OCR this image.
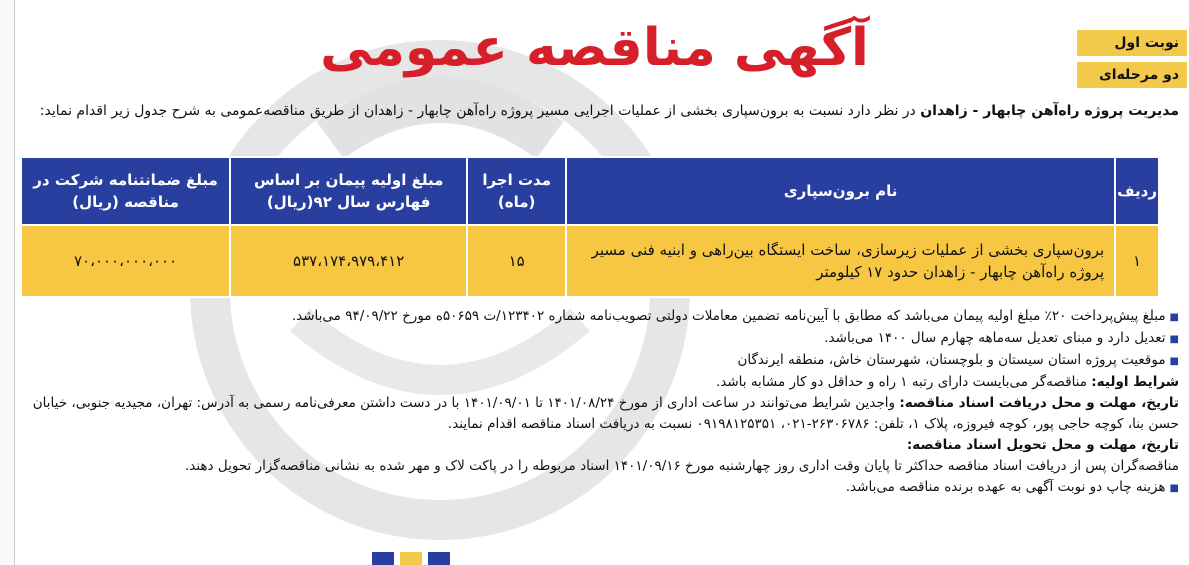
نوبت اول
دو مرحله‌ای
آگهی مناقصه عمومی
مدیریت پروژه راه‌آهن چابهار - زاهدان در نظر دارد نسبت به برون‌سپاری بخشی از عملیات اجرایی مسیر پروژه راه‌آهن چابهار - زاهدان از طریق مناقصه‌عمومی به شرح جدول زیر اقدام نماید:
ردیف	نام برون‌سپاری	مدت اجرا (ماه)	مبلغ اولیه پیمان بر اساس فهارس سال ۹۲(ریال)	مبلغ ضمانتنامه شرکت در مناقصه (ریال)
۱	برون‌سپاری بخشی از عملیات زیرسازی، ساخت ایستگاه بین‌راهی و ابنیه فنی مسیر پروژه راه‌آهن چابهار - زاهدان حدود ۱۷ کیلومتر	۱۵	۵۳۷،۱۷۴،۹۷۹،۴۱۲	۷۰،۰۰۰،۰۰۰،۰۰۰
■ مبلغ پیش‌پرداخت ۲۰٪ مبلغ اولیه پیمان می‌باشد که مطابق با آیین‌نامه تضمین معاملات دولتی تصویب‌نامه شماره ۱۲۳۴۰۲/ت ۵۰۶۵۹ه مورخ ۹۴/۰۹/۲۲ می‌باشد.
■ تعدیل دارد و مبنای تعدیل سه‌ماهه چهارم سال ۱۴۰۰ می‌باشد.
■ موقعیت پروژه استان سیستان و بلوچستان، شهرستان خاش، منطقه ایرندگان
شرایط اولیه: مناقصه‌گر می‌بایست دارای رتبه ۱ راه و حداقل دو کار مشابه باشد.
تاریخ، مهلت و محل دریافت اسناد مناقصه: واجدین شرایط می‌توانند در ساعت اداری از مورخ ۱۴۰۱/۰۸/۲۴ تا ۱۴۰۱/۰۹/۰۱ با در دست داشتن معرفی‌نامه رسمی به آدرس: تهران، مجیدیه جنوبی، خیابان حسن بنا، کوچه حاجی پور، کوچه فیروزه، پلاک ۱، تلفن: ۲۶۳۰۶۷۸۶-۰۲۱، ۰۹۱۹۸۱۲۵۳۵۱ نسبت به دریافت اسناد مناقصه اقدام نمایند.
تاریخ، مهلت و محل تحویل اسناد مناقصه:
مناقصه‌گران پس از دریافت اسناد مناقصه حداکثر تا پایان وقت اداری روز چهارشنبه مورخ ۱۴۰۱/۰۹/۱۶ اسناد مربوطه را در پاکت لاک و مهر شده به نشانی مناقصه‌گزار تحویل دهند.
■ هزینه چاپ دو نوبت آگهی به عهده برنده مناقصه می‌باشد.
